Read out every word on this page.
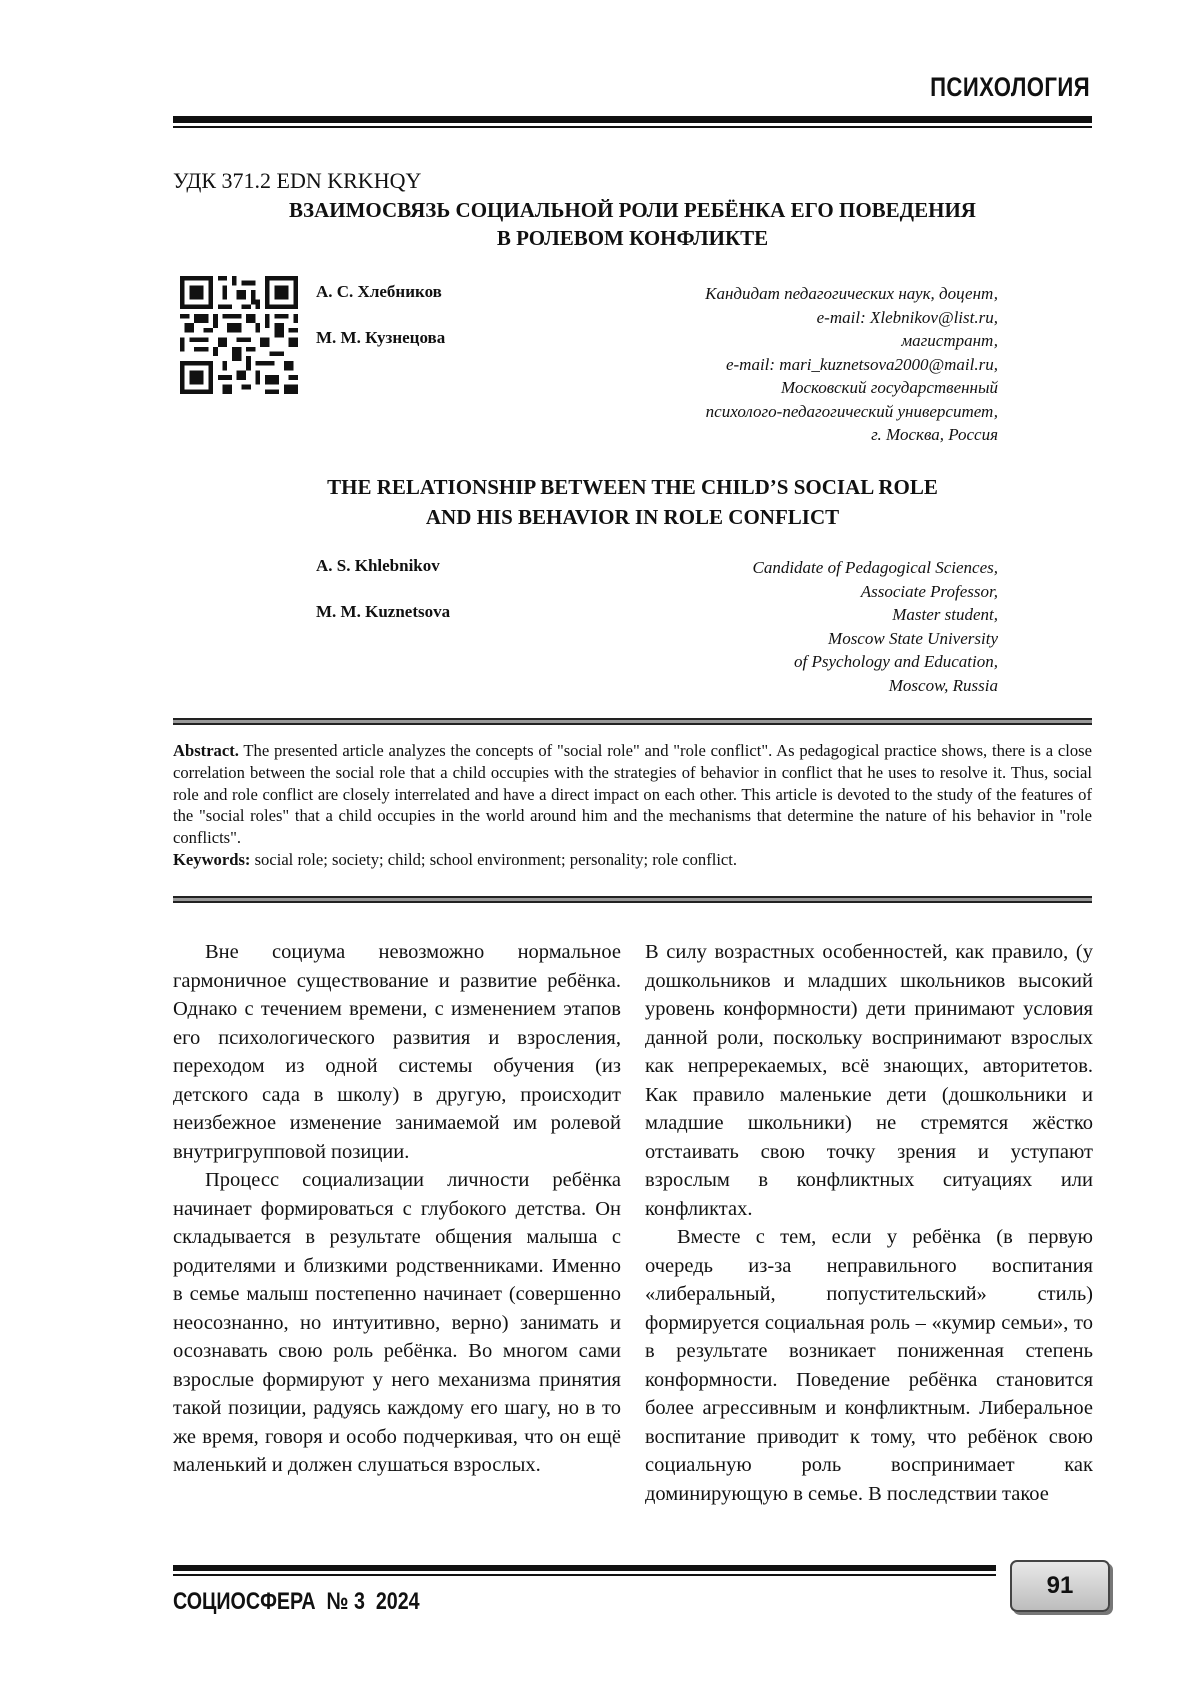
ПСИХОЛОГИЯ
УДК 371.2 EDN KRKHQY
ВЗАИМОСВЯЗЬ СОЦИАЛЬНОЙ РОЛИ РЕБЁНКА ЕГО ПОВЕДЕНИЯ
В РОЛЕВОМ КОНФЛИКТЕ
А. С. Хлебников
М. М. Кузнецова
Кандидат педагогических наук, доцент,
e-mail: Xlebnikov@list.ru,
магистрант,
e-mail: mari_kuznetsova2000@mail.ru,
Московский государственный
психолого-педагогический университет,
г. Москва, Россия
THE RELATIONSHIP BETWEEN THE CHILD’S SOCIAL ROLE
AND HIS BEHAVIOR IN ROLE CONFLICT
A. S. Khlebnikov
M. M. Kuznetsova
Candidate of Pedagogical Sciences,
Associate Professor,
Master student,
Moscow State University
of Psychology and Education,
Moscow, Russia
Abstract. The presented article analyzes the concepts of "social role" and "role conflict". As pedagogical practice shows, there is a close correlation between the social role that a child occupies with the strategies of behavior in conflict that he uses to resolve it. Thus, social role and role conflict are closely interrelated and have a direct impact on each other. This article is devoted to the study of the features of the "social roles" that a child occupies in the world around him and the mechanisms that determine the nature of his behavior in "role conflicts".
Keywords: social role; society; child; school environment; personality; role conflict.

Вне социума невозможно нормальное гармоничное существование и развитие ребёнка. Однако с течением времени, с изменением этапов его психологического развития и взросления, переходом из одной системы обучения (из детского сада в школу) в другую, происходит неизбежное изменение занимаемой им ролевой внутригрупповой позиции.

Процесс социализации личности ребёнка начинает формироваться с глубокого детства. Он складывается в результате общения малыша с родителями и близкими родственниками. Именно в семье малыш постепенно начинает (совершенно неосознанно, но интуитивно, верно) занимать и осознавать свою роль ребёнка. Во многом сами взрослые формируют у него механизма принятия такой позиции, радуясь каждому его шагу, но в то же время, говоря и особо подчеркивая, что он ещё маленький и должен слушаться взрослых.

В силу возрастных особенностей, как правило, (у дошкольников и младших школьников высокий уровень конформности) дети принимают условия данной роли, поскольку воспринимают взрослых как непререкаемых, всё знающих, авторитетов. Как правило маленькие дети (дошкольники и младшие школьники) не стремятся жёстко отстаивать свою точку зрения и уступают взрослым в конфликтных ситуациях или конфликтах.

Вместе с тем, если у ребёнка (в первую очередь из-за неправильного воспитания «либеральный, попустительский» стиль) формируется социальная роль – «кумир семьи», то в результате возникает пониженная степень конформности. Поведение ребёнка становится более агрессивным и конфликтным. Либеральное воспитание приводит к тому, что ребёнок свою социальную роль воспринимает как доминирующую в семье. В последствии такое

СОЦИОСФЕРА  № 3  2024
91
